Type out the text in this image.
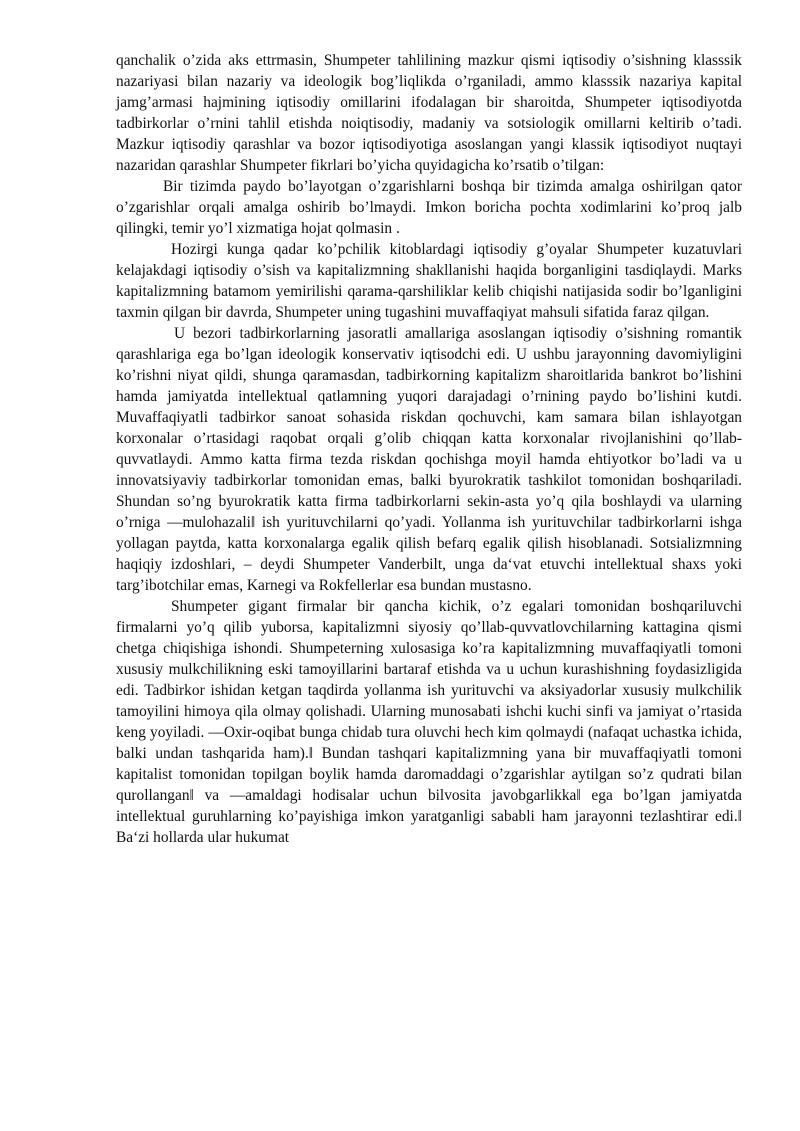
qanchalik o’zida aks ettrmasin, Shumpeter tahlilining mazkur qismi iqtisodiy o’sishning klasssik nazariyasi bilan nazariy va ideologik bog’liqlikda o’rganiladi, ammo klasssik nazariya kapital jamg’armasi hajmining iqtisodiy omillarini ifodalagan bir sharoitda, Shumpeter iqtisodiyotda tadbirkorlar o’rnini tahlil etishda noiqtisodiy, madaniy va sotsiologik omillarni keltirib o’tadi. Mazkur iqtisodiy qarashlar va bozor iqtisodiyotiga asoslangan yangi klassik iqtisodiyot nuqtayi nazaridan qarashlar Shumpeter fikrlari bo’yicha quyidagicha ko’rsatib o’tilgan:

Bir tizimda paydo bo’layotgan o’zgarishlarni boshqa bir tizimda amalga oshirilgan qator o’zgarishlar orqali amalga oshirib bo’lmaydi. Imkon boricha pochta xodimlarini ko’proq jalb qilingki, temir yo’l xizmatiga hojat qolmasin .

Hozirgi kunga qadar ko’pchilik kitoblardagi iqtisodiy g’oyalar Shumpeter kuzatuvlari kelajakdagi iqtisodiy o’sish va kapitalizmning shakllanishi haqida borganligini tasdiqlaydi. Marks kapitalizmning batamom yemirilishi qarama-qarshiliklar kelib chiqishi natijasida sodir bo’lganligini taxmin qilgan bir davrda, Shumpeter uning tugashini muvaffaqiyat mahsuli sifatida faraz qilgan.

U bezori tadbirkorlarning jasoratli amallariga asoslangan iqtisodiy o’sishning romantik qarashlariga ega bo’lgan ideologik konservativ iqtisodchi edi. U ushbu jarayonning davomiyligini ko’rishni niyat qildi, shunga qaramasdan, tadbirkorning kapitalizm sharoitlarida bankrot bo’lishini hamda jamiyatda intellektual qatlamning yuqori darajadagi o’rnining paydo bo’lishini kutdi. Muvaffaqiyatli tadbirkor sanoat sohasida riskdan qochuvchi, kam samara bilan ishlayotgan korxonalar o’rtasidagi raqobat orqali g’olib chiqqan katta korxonalar rivojlanishini qo’llab-quvvatlaydi. Ammo katta firma tezda riskdan qochishga moyil hamda ehtiyotkor bo’ladi va u innovatsiyaviy tadbirkorlar tomonidan emas, balki byurokratik tashkilot tomonidan boshqariladi. Shundan so’ng byurokratik katta firma tadbirkorlarni sekin-asta yo’q qila boshlaydi va ularning o’rniga ―mulohazali‖ ish yurituvchilarni qo’yadi. Yollanma ish yurituvchilar tadbirkorlarni ishga yollagan paytda, katta korxonalarga egalik qilish befarq egalik qilish hisoblanadi. Sotsializmning haqiqiy izdoshlari, – deydi Shumpeter Vanderbilt, unga da‘vat etuvchi intellektual shaxs yoki targ’ibotchilar emas, Karnegi va Rokfellerlar esa bundan mustasno.

Shumpeter gigant firmalar bir qancha kichik, o’z egalari tomonidan boshqariluvchi firmalarni yo’q qilib yuborsa, kapitalizmni siyosiy qo’llab-quvvatlovchilarning kattagina qismi chetga chiqishiga ishondi. Shumpeterning xulosasiga ko’ra kapitalizmning muvaffaqiyatli tomoni xususiy mulkchilikning eski tamoyillarini bartaraf etishda va u uchun kurashishning foydasizligida edi. Tadbirkor ishidan ketgan taqdirda yollanma ish yurituvchi va aksiyadorlar xususiy mulkchilik tamoyilini himoya qila olmay qolishadi. Ularning munosabati ishchi kuchi sinfi va jamiyat o’rtasida keng yoyiladi. ―Oxir-oqibat bunga chidab tura oluvchi hech kim qolmaydi (nafaqat uchastka ichida, balki undan tashqarida ham).‖ Bundan tashqari kapitalizmning yana bir muvaffaqiyatli tomoni kapitalist tomonidan topilgan boylik hamda daromaddagi o’zgarishlar aytilgan so’z qudrati bilan qurollangan‖ va ―amaldagi hodisalar uchun bilvosita javobgarlikka‖ ega bo’lgan jamiyatda intellektual guruhlarning ko’payishiga imkon yaratganligi sababli ham jarayonni tezlashtirar edi.‖ Ba‘zi hollarda ular hukumat
